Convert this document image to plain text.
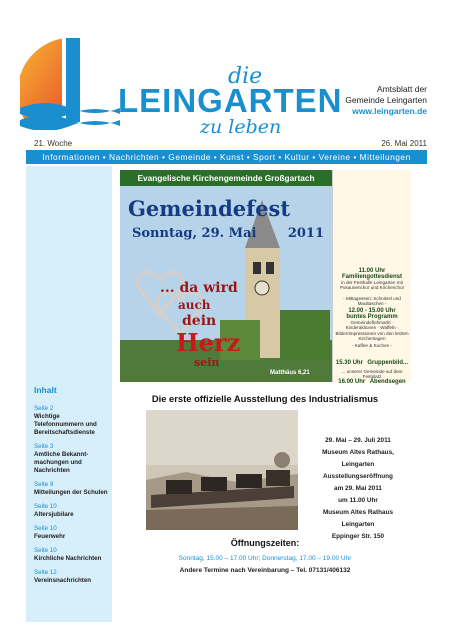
die
LEINGARTEN
zu leben
Amtsblatt der
Gemeinde Leingarten
www.leingarten.de
21. Woche	26. Mai 2011
Informationen • Nachrichten • Gemeinde • Kunst • Sport • Kultur • Vereine • Mitteilungen
Inhalt
Seite 2
Wichtige Telefonnummern und Bereitschaftsdienste
Seite 3
Amtliche Bekannt-machungen und Nachrichten
Seite 9
Mitteilungen der Schulen
Seite 10
Altersjubilare
Seite 10
Feuerwehr
Seite 10
Kirchliche Nachrichten
Seite 12
Vereinsnachrichten
Evangelische Kirchengemeinde Großgartach
Gemeindefest
Sonntag, 29. Mai 2011
... da wird
auch
dein
Herz
sein
Matthäus 6,21
11.00 Uhr
Familiengottesdienst
in der Festhalle Leingarten mit Posaunenchor und Kirchenchor
- Mittagessen: Schnitzel und Maultaschen -
12.00 - 15.00 Uhr
buntes Programm
Gemeindeflohmarkt · Kinderaktionen · Waffeln · Bilder/Impressionen von den letzten Kirchentagen
- Kaffee & Kuchen -
15.30 Uhr Gruppenbild...
... unserer Gemeinde auf dem Festplatz
16.00 Uhr Abendsegen
Die erste offizielle Ausstellung des Industrialismus
29. Mai – 29. Juli 2011
Museum Altes Rathaus,
Leingarten
Ausstellungseröffnung
am 29. Mai 2011
um 11.00 Uhr
Museum Altes Rathaus
Leingarten
Eppinger Str. 150
Öffnungszeiten:
Sonntag, 15.00 – 17.00 Uhr; Donnerstag, 17.00 – 19.00 Uhr
Andere Termine nach Vereinbarung – Tel. 07131/406132
